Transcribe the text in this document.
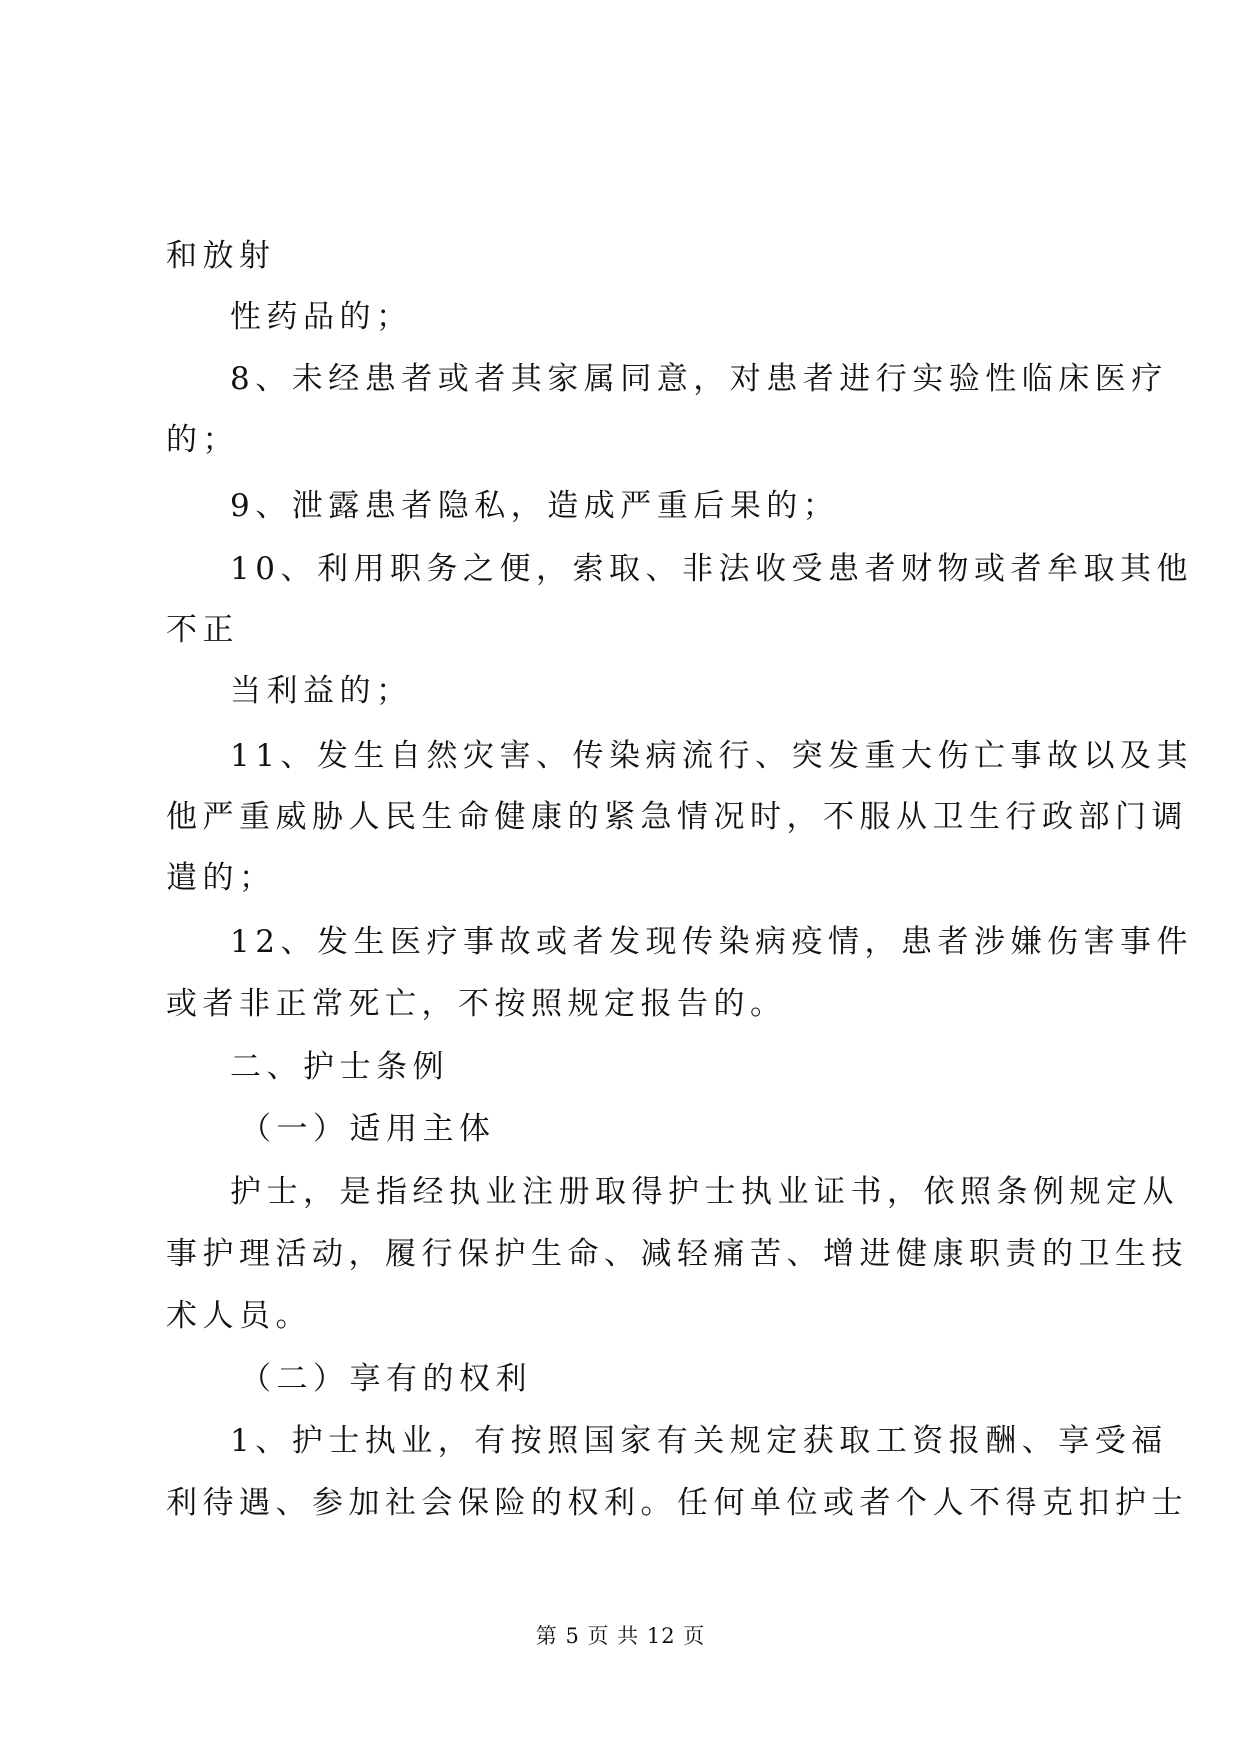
和放射
性药品的；
8、未经患者或者其家属同意，对患者进行实验性临床医疗
的；
9、泄露患者隐私，造成严重后果的；
10、利用职务之便，索取、非法收受患者财物或者牟取其他
不正
当利益的；
11、发生自然灾害、传染病流行、突发重大伤亡事故以及其
他严重威胁人民生命健康的紧急情况时，不服从卫生行政部门调
遣的；
12、发生医疗事故或者发现传染病疫情，患者涉嫌伤害事件
或者非正常死亡，不按照规定报告的。
二、护士条例
（一）适用主体
护士，是指经执业注册取得护士执业证书，依照条例规定从
事护理活动，履行保护生命、减轻痛苦、增进健康职责的卫生技
术人员。
（二）享有的权利
1、护士执业，有按照国家有关规定获取工资报酬、享受福
利待遇、参加社会保险的权利。任何单位或者个人不得克扣护士
第 5 页 共 12 页
